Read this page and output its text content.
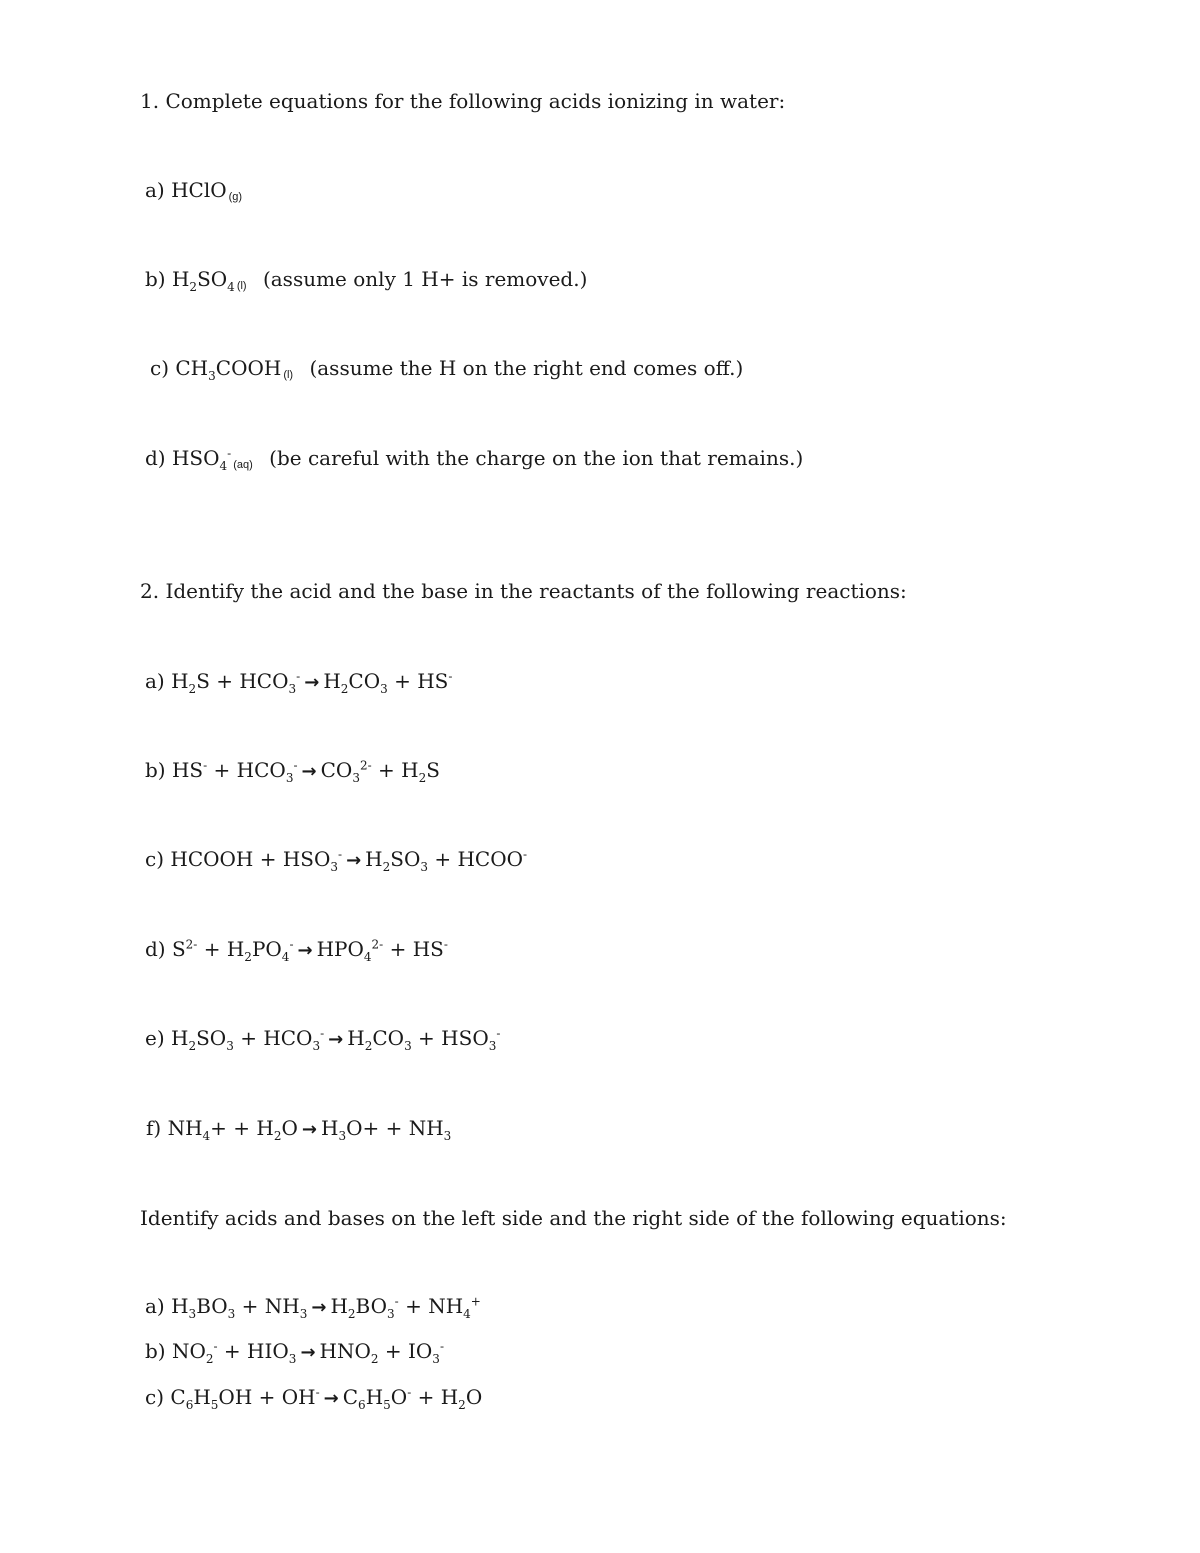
1. Complete equations for the following acids ionizing in water:
a) HClO $_{(g)}$
b) $H_2SO_4$ $_{(l)}$ (assume only 1 H+ is removed.)
c) $CH_3COOH$ $_{(l)}$ (assume the H on the right end comes off.)
d) $HSO_4^-_{(aq)}$ (be careful with the charge on the ion that remains.)
2. Identify the acid and the base in the reactants of the following reactions:
a) $H_2S + HCO_3^- \to H_2CO_3 + HS^-$
b) $HS^- + HCO_3^- \to CO_3^{2-} + H_2S$
c) HCOOH + $HSO_3^- \to H_2SO_3$ + HCOO-
d) $S^{2-} + H_2PO_4^- \to HPO_4^{2-} + HS^-$
e) $H_2SO_3 + HCO_3^- \to H_2CO_3 + HSO_3^-$
f) $NH_4+ + H_2O \to H_3O+ + NH_3$
Identify acids and bases on the left side and the right side of the following equations:
a) $H_3BO_3 + NH_3 \to H_2BO_3^- + NH_4^+$
b) $NO_2^- + HIO_3 \to HNO_2 + IO_3^-$
c) $C_6H_5OH + OH^- \to C_6H_5O^- + H_2O$
